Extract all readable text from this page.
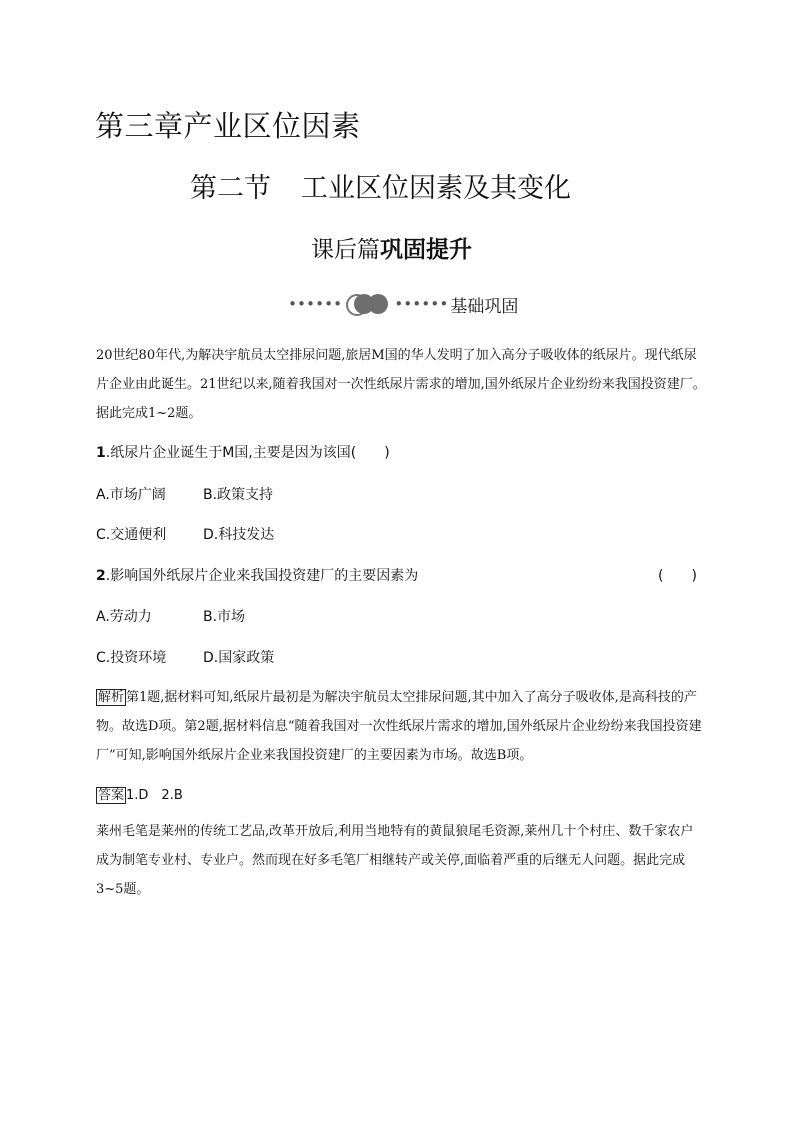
第三章产业区位因素
第二节 工业区位因素及其变化
课后篇巩固提升
••••••	•••••• 基础巩固
20世纪80年代,为解决宇航员太空排尿问题,旅居M国的华人发明了加入高分子吸收体的纸尿片。现代纸尿片企业由此诞生。21世纪以来,随着我国对一次性纸尿片需求的增加,国外纸尿片企业纷纷来我国投资建厂。据此完成1~2题。
1.纸尿片企业诞生于M国,主要是因为该国(　　)
A.市场广阔	B.政策支持
C.交通便利	D.科技发达
2.影响国外纸尿片企业来我国投资建厂的主要因素为	(　　)
A.劳动力	B.市场
C.投资环境	D.国家政策
解析 第1题,据材料可知,纸尿片最初是为解决宇航员太空排尿问题,其中加入了高分子吸收体,是高科技的产物。故选D项。第2题,据材料信息“随着我国对一次性纸尿片需求的增加,国外纸尿片企业纷纷来我国投资建厂”可知,影响国外纸尿片企业来我国投资建厂的主要因素为市场。故选B项。
答案 1.D　2.B
莱州毛笔是莱州的传统工艺品,改革开放后,利用当地特有的黄鼠狼尾毛资源,莱州几十个村庄、数千家农户成为制笔专业村、专业户。然而现在好多毛笔厂相继转产或关停,面临着严重的后继无人问题。据此完成3~5题。
